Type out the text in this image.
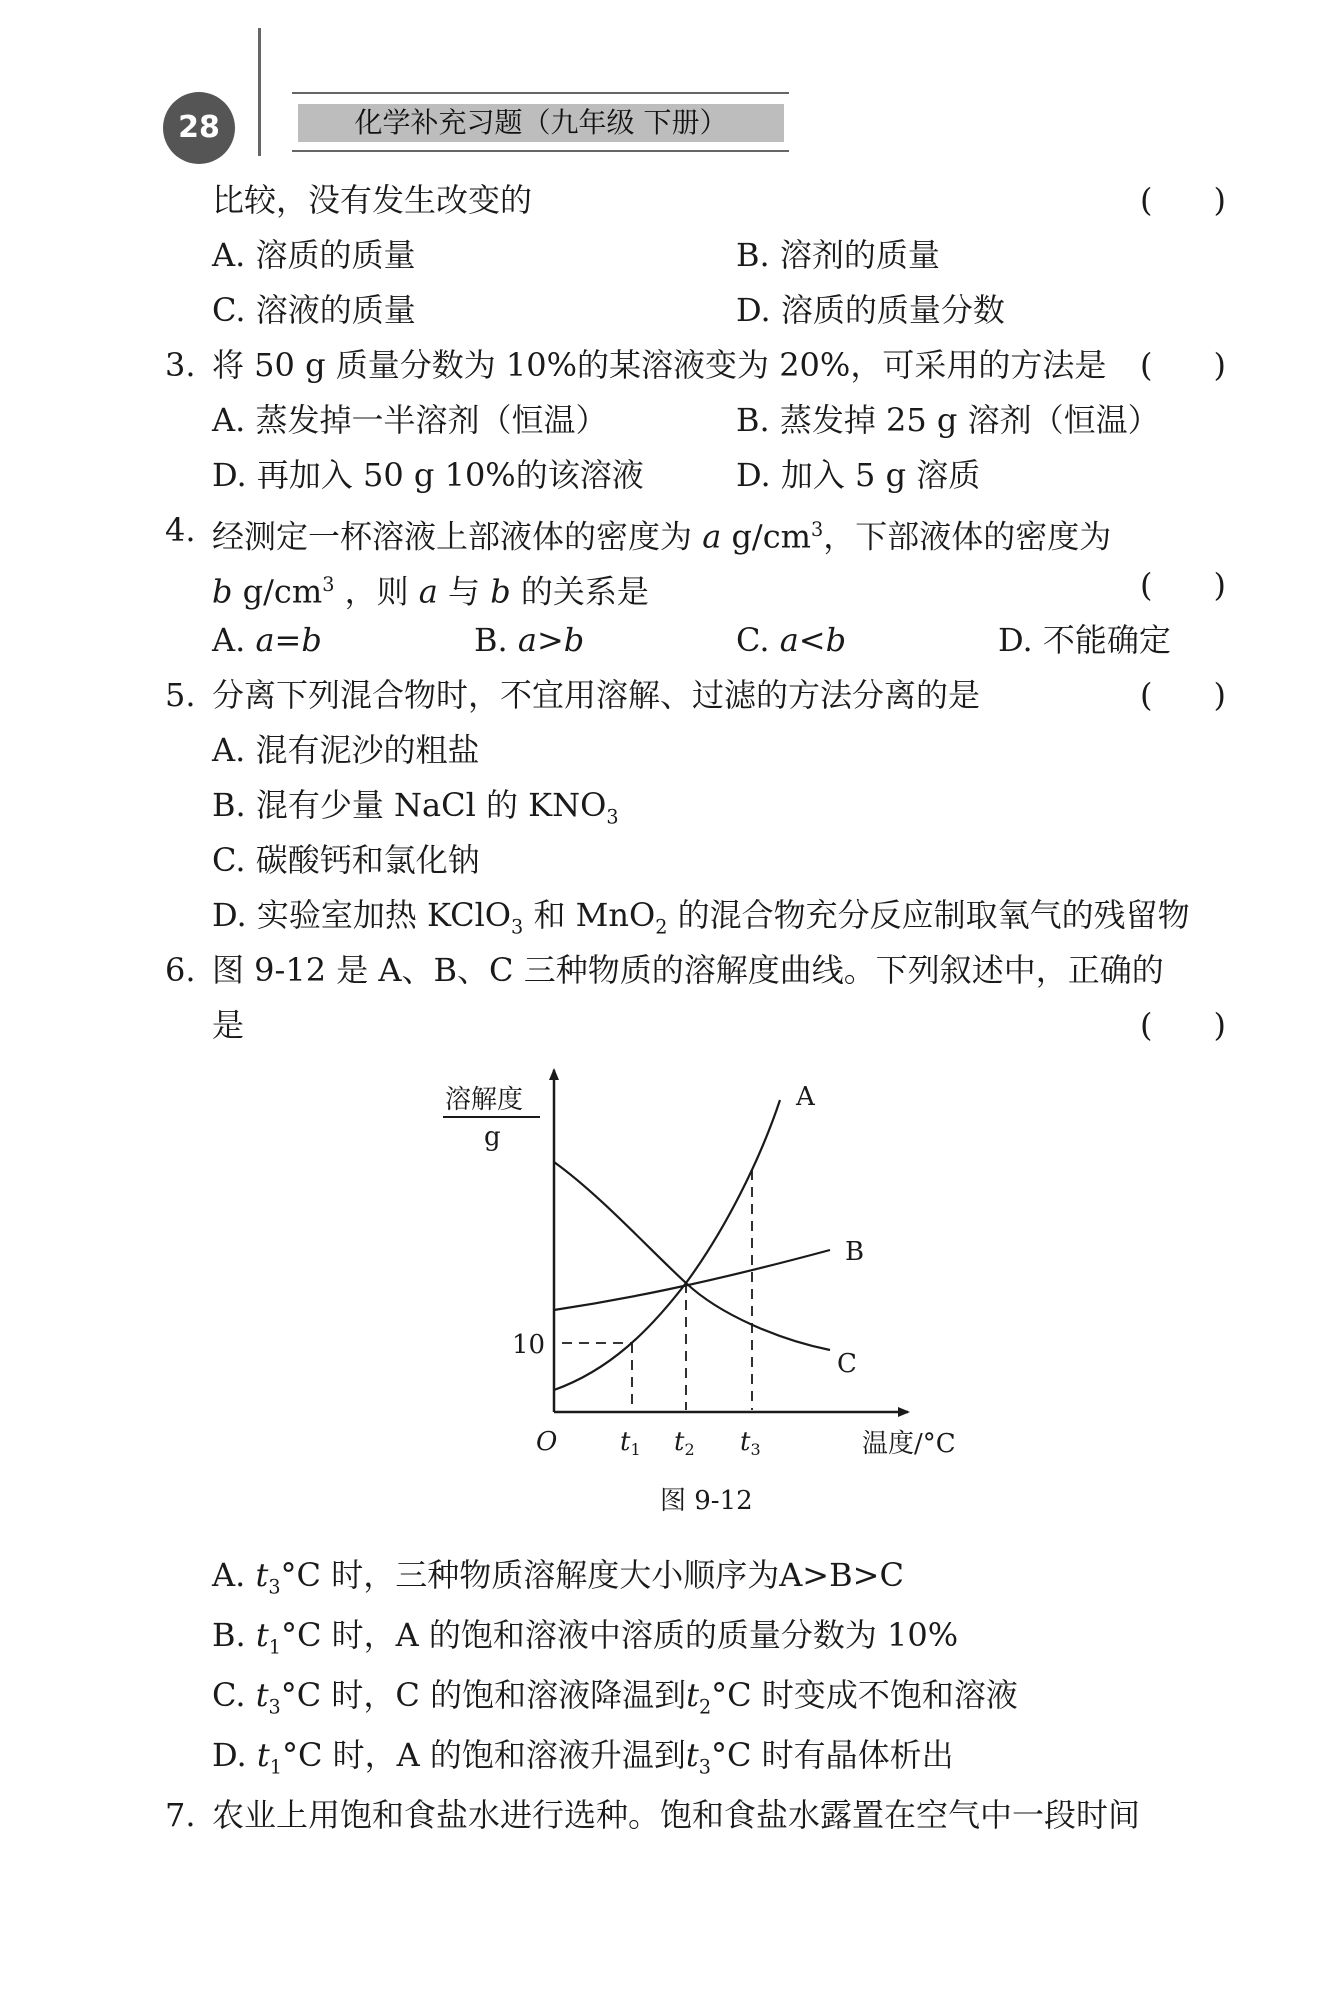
28	化学补充习题（九年级 下册）
比较，没有发生改变的	(      )
A. 溶质的质量	B. 溶剂的质量
C. 溶液的质量	D. 溶质的质量分数
3. 将 50 g 质量分数为 10%的某溶液变为 20%，可采用的方法是 (      )
A. 蒸发掉一半溶剂（恒温）	B. 蒸发掉 25 g 溶剂（恒温）
D. 再加入 50 g 10%的该溶液	D. 加入 5 g 溶质
4. 经测定一杯溶液上部液体的密度为 a $g/cm^3$，下部液体的密度为
b $g/cm^3$ ，则 a 与 b 的关系是	(      )
A. a=b	B. a>b	C. a<b	D. 不能确定
5. 分离下列混合物时，不宜用溶解、过滤的方法分离的是	(      )
A. 混有泥沙的粗盐
B. 混有少量 NaCl 的 $KNO_3$
C. 碳酸钙和氯化钠
D. 实验室加热 KClO$_3$ 和 MnO$_2$ 的混合物充分反应制取氧气的残留物
6. 图 9-12 是 A、B、C 三种物质的溶解度曲线。下列叙述中，正确的
是	(      )
溶解度
g
10
O t1 t2 t3	温度/°C
A
B
C
图 9-12
A. $t_3^\circ C$ 时，三种物质溶解度大小顺序为A>B>C
B. $t_1^\circ C$ 时，A 的饱和溶液中溶质的质量分数为 10%
C. $t_3^\circ C$ 时，C 的饱和溶液降温到$t_2^\circ C$ 时变成不饱和溶液
D. $t_1^\circ C$ 时，A 的饱和溶液升温到$t_3^\circ C$ 时有晶体析出
7. 农业上用饱和食盐水进行选种。饱和食盐水露置在空气中一段时间
